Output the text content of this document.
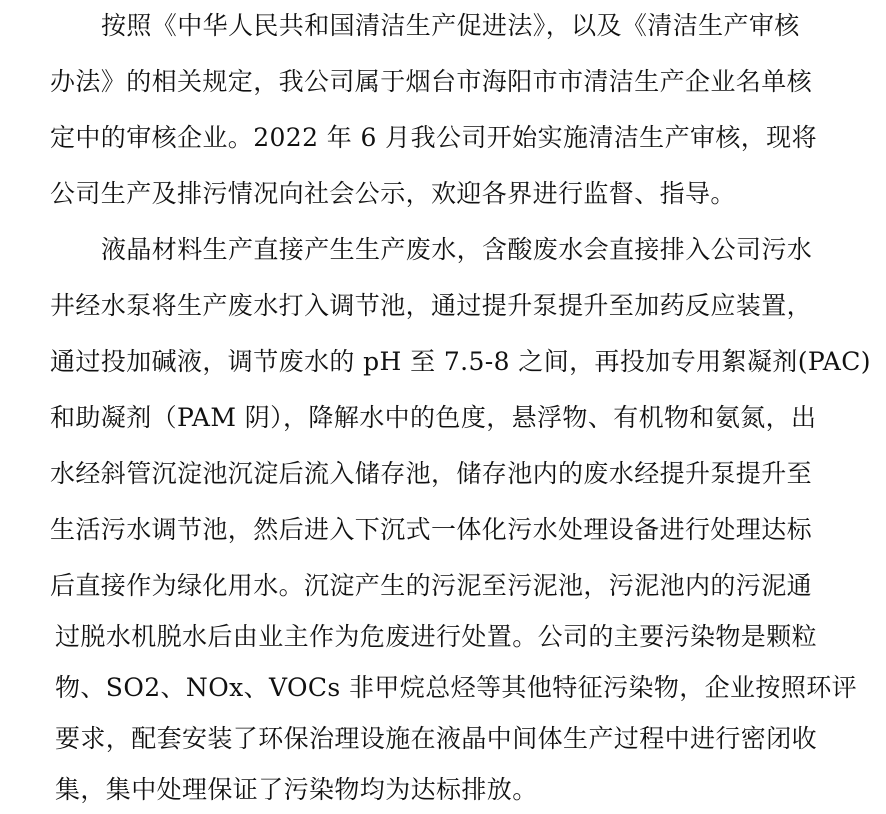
按照《中华人民共和国清洁生产促进法》，以及《清洁生产审核
办法》的相关规定，我公司属于烟台市海阳市市清洁生产企业名单核
定中的审核企业。2022 年 6 月我公司开始实施清洁生产审核，现将
公司生产及排污情况向社会公示，欢迎各界进行监督、指导。
液晶材料生产直接产生生产废水，含酸废水会直接排入公司污水
井经水泵将生产废水打入调节池，通过提升泵提升至加药反应装置，
通过投加碱液，调节废水的 pH 至 7.5-8 之间，再投加专用絮凝剂(PAC)
和助凝剂（PAM 阴），降解水中的色度，悬浮物、有机物和氨氮，出
水经斜管沉淀池沉淀后流入储存池，储存池内的废水经提升泵提升至
生活污水调节池，然后进入下沉式一体化污水处理设备进行处理达标
后直接作为绿化用水。沉淀产生的污泥至污泥池，污泥池内的污泥通
过脱水机脱水后由业主作为危废进行处置。公司的主要污染物是颗粒
物、SO2、NOx、VOCs 非甲烷总烃等其他特征污染物，企业按照环评
要求，配套安装了环保治理设施在液晶中间体生产过程中进行密闭收
集，集中处理保证了污染物均为达标排放。
